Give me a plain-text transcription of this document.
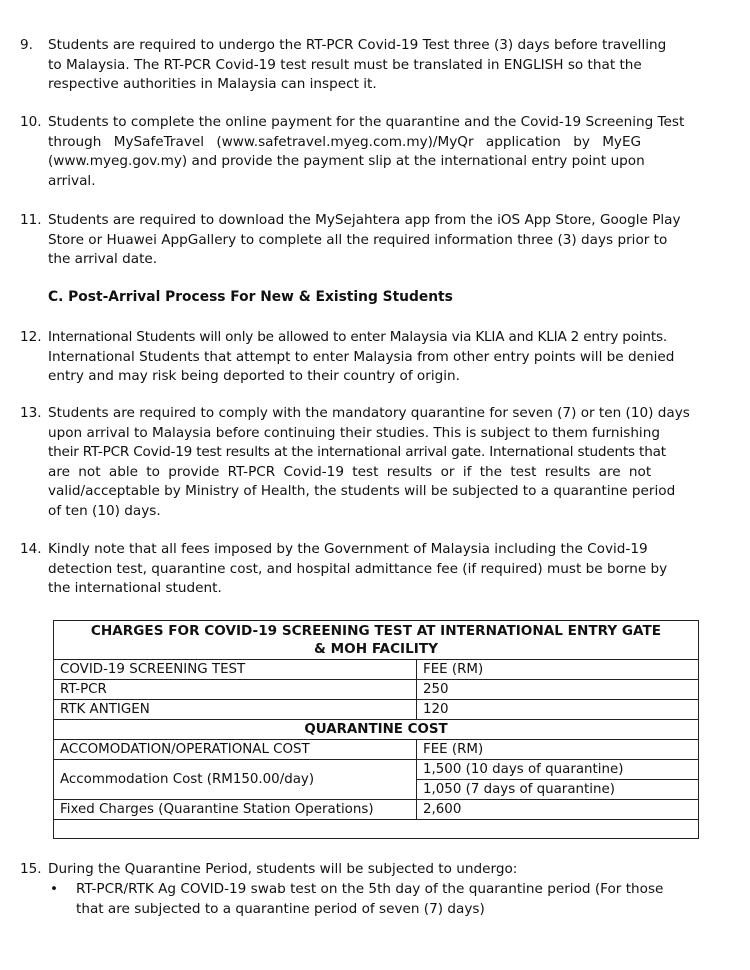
9.	Students are required to undergo the RT-PCR Covid-19 Test three (3) days before travelling
to Malaysia. The RT-PCR Covid-19 test result must be translated in ENGLISH so that the
respective authorities in Malaysia can inspect it.
10. Students to complete the online payment for the quarantine and the Covid-19 Screening Test
through MySafeTravel (www.safetravel.myeg.com.my)/MyQr application by MyEG
(www.myeg.gov.my) and provide the payment slip at the international entry point upon
arrival.
11. Students are required to download the MySejahtera app from the iOS App Store, Google Play
Store or Huawei AppGallery to complete all the required information three (3) days prior to
the arrival date.
C. Post-Arrival Process For New & Existing Students
12. International Students will only be allowed to enter Malaysia via KLIA and KLIA 2 entry points.
International Students that attempt to enter Malaysia from other entry points will be denied
entry and may risk being deported to their country of origin.
13. Students are required to comply with the mandatory quarantine for seven (7) or ten (10) days
upon arrival to Malaysia before continuing their studies. This is subject to them furnishing
their RT-PCR Covid-19 test results at the international arrival gate. International students that
are not able to provide RT-PCR Covid-19 test results or if the test results are not
valid/acceptable by Ministry of Health, the students will be subjected to a quarantine period
of ten (10) days.
14. Kindly note that all fees imposed by the Government of Malaysia including the Covid-19
detection test, quarantine cost, and hospital admittance fee (if required) must be borne by
the international student.
CHARGES FOR COVID-19 SCREENING TEST AT INTERNATIONAL ENTRY GATE
& MOH FACILITY	

COVID-19 SCREENING TEST	FEE (RM)
RT-PCR	250
RTK ANTIGEN	120
QUARANTINE COST	
ACCOMODATION/OPERATIONAL COST	FEE (RM)
Accommodation Cost (RM150.00/day)	1,500 (10 days of quarantine)
	1,050 (7 days of quarantine)
Fixed Charges (Quarantine Station Operations)	2,600

15. During the Quarantine Period, students will be subjected to undergo:
• RT-PCR/RTK Ag COVID-19 swab test on the 5th day of the quarantine period (For those
that are subjected to a quarantine period of seven (7) days)
